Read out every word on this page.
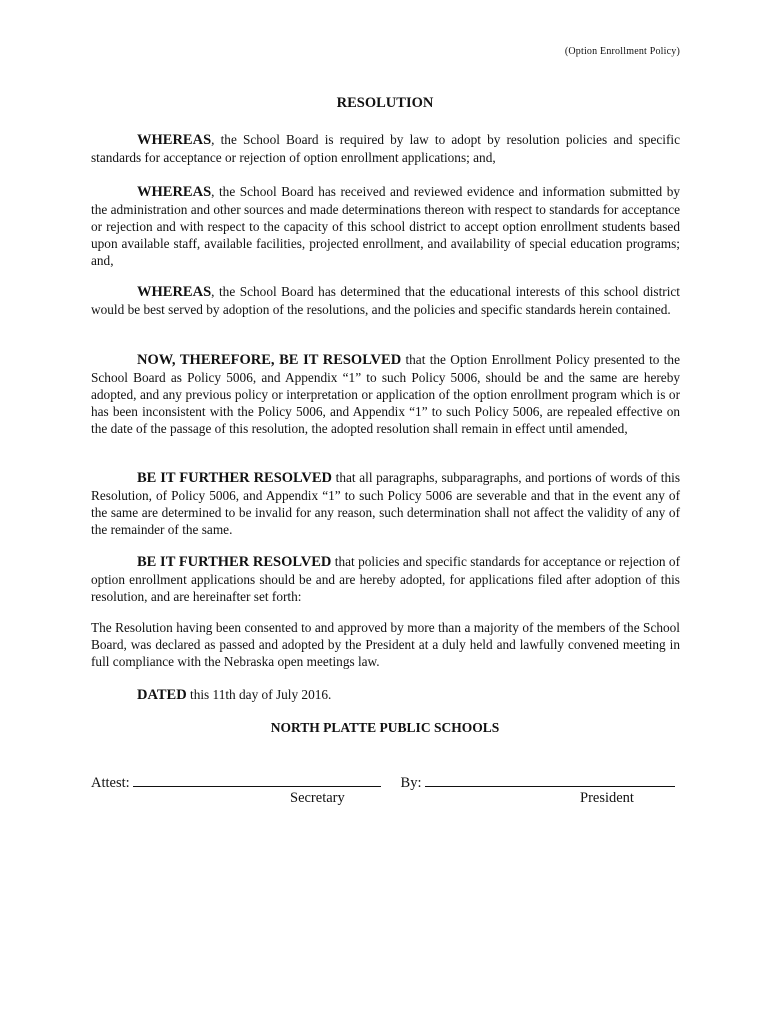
(Option Enrollment Policy)
RESOLUTION

WHEREAS, the School Board is required by law to adopt by resolution policies and specific standards for acceptance or rejection of option enrollment applications; and,

WHEREAS, the School Board has received and reviewed evidence and information submitted by the administration and other sources and made determinations thereon with respect to standards for acceptance or rejection and with respect to the capacity of this school district to accept option enrollment students based upon available staff, available facilities, projected enrollment, and availability of special education programs; and,

WHEREAS, the School Board has determined that the educational interests of this school district would be best served by adoption of the resolutions, and the policies and specific standards herein contained.

NOW, THEREFORE, BE IT RESOLVED that the Option Enrollment Policy presented to the School Board as Policy 5006, and Appendix “1” to such Policy 5006, should be and the same are hereby adopted, and any previous policy or interpretation or application of the option enrollment program which is or has been inconsistent with the Policy 5006, and Appendix “1” to such Policy 5006, are repealed effective on the date of the passage of this resolution, the adopted resolution shall remain in effect until amended,

BE IT FURTHER RESOLVED that all paragraphs, subparagraphs, and portions of words of this Resolution, of Policy 5006, and Appendix “1” to such Policy 5006 are severable and that in the event any of the same are determined to be invalid for any reason, such determination shall not affect the validity of any of the remainder of the same.

BE IT FURTHER RESOLVED that policies and specific standards for acceptance or rejection of option enrollment applications should be and are hereby adopted, for applications filed after adoption of this resolution, and are hereinafter set forth:

The Resolution having been consented to and approved by more than a majority of the members of the School Board, was declared as passed and adopted by the President at a duly held and lawfully convened meeting in full compliance with the Nebraska open meetings law.

DATED this 11th day of July 2016.

NORTH PLATTE PUBLIC SCHOOLS
Attest:	By:
Secretary	President
